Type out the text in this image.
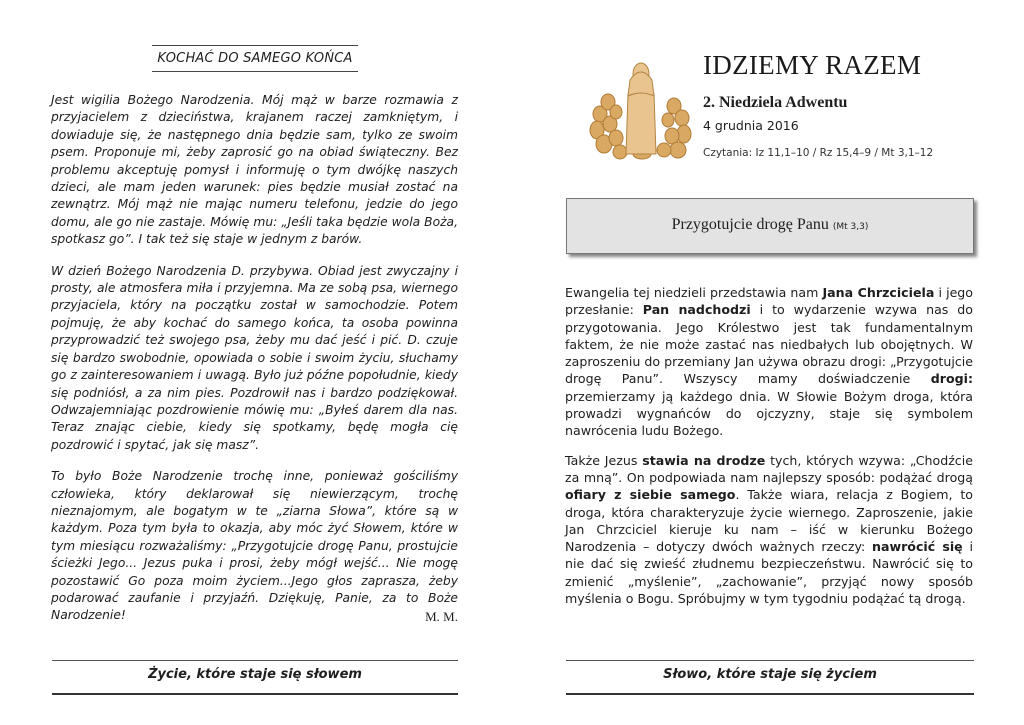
KOCHAĆ DO SAMEGO KOŃCA

Jest wigilia Bożego Narodzenia. Mój mąż w barze rozmawia z przyjacielem z dzieciństwa, krajanem raczej zamkniętym, i dowiaduje się, że następnego dnia będzie sam, tylko ze swoim psem. Proponuje mi, żeby zaprosić go na obiad świąteczny. Bez problemu akceptuję pomysł i informuję o tym dwójkę naszych dzieci, ale mam jeden warunek: pies będzie musiał zostać na zewnątrz. Mój mąż nie mając numeru telefonu, jedzie do jego domu, ale go nie zastaje. Mówię mu: „Jeśli taka będzie wola Boża, spotkasz go”. I tak też się staje w jednym z barów.

W dzień Bożego Narodzenia D. przybywa. Obiad jest zwyczajny i prosty, ale atmosfera miła i przyjemna. Ma ze sobą psa, wiernego przyjaciela, który na początku został w samochodzie. Potem pojmuję, że aby kochać do samego końca, ta osoba powinna przyprowadzić też swojego psa, żeby mu dać jeść i pić. D. czuje się bardzo swobodnie, opowiada o sobie i swoim życiu, słuchamy go z zainteresowaniem i uwagą. Było już późne popołudnie, kiedy się podniósł, a za nim pies. Pozdrowił nas i bardzo podziękował. Odwzajemniając pozdrowienie mówię mu: „Byłeś darem dla nas. Teraz znając ciebie, kiedy się spotkamy, będę mogła cię pozdrowić i spytać, jak się masz”.

To było Boże Narodzenie trochę inne, ponieważ gościliśmy człowieka, który deklarował się niewierzącym, trochę nieznajomym, ale bogatym w te „ziarna Słowa”, które są w każdym. Poza tym była to okazja, aby móc żyć Słowem, które w tym miesiącu rozważaliśmy: „Przygotujcie drogę Panu, prostujcie ścieżki Jego... Jezus puka i prosi, żeby mógł wejść... Nie mogę pozostawić Go poza moim życiem...Jego głos zaprasza, żeby podarować zaufanie i przyjaźń. Dziękuję, Panie, za to Boże Narodzenie!	M. M.
Życie, które staje się słowem
IDZIEMY RAZEM
2. Niedziela Adwentu
4 grudnia 2016
Czytania: Iz 11,1–10 / Rz 15,4–9 / Mt 3,1–12
Przygotujcie drogę Panu (Mt 3,3)

Ewangelia tej niedzieli przedstawia nam Jana Chrzciciela i jego przesłanie: Pan nadchodzi i to wydarzenie wzywa nas do przygotowania. Jego Królestwo jest tak fundamentalnym faktem, że nie może zastać nas niedbałych lub obojętnych. W zaproszeniu do przemiany Jan używa obrazu drogi: „Przygotujcie drogę Panu”. Wszyscy mamy doświadczenie drogi: przemierzamy ją każdego dnia. W Słowie Bożym droga, która prowadzi wygnańców do ojczyzny, staje się symbolem nawrócenia ludu Bożego.

Także Jezus stawia na drodze tych, których wzywa: „Chodźcie za mną”. On podpowiada nam najlepszy sposób: podążać drogą ofiary z siebie samego. Także wiara, relacja z Bogiem, to droga, która charakteryzuje życie wiernego. Zaproszenie, jakie Jan Chrzciciel kieruje ku nam – iść w kierunku Bożego Narodzenia – dotyczy dwóch ważnych rzeczy: nawrócić się i nie dać się zwieść złudnemu bezpieczeństwu. Nawrócić się to zmienić „myślenie”, „zachowanie”, przyjąć nowy sposób myślenia o Bogu. Spróbujmy w tym tygodniu podążać tą drogą.

Słowo, które staje się życiem
